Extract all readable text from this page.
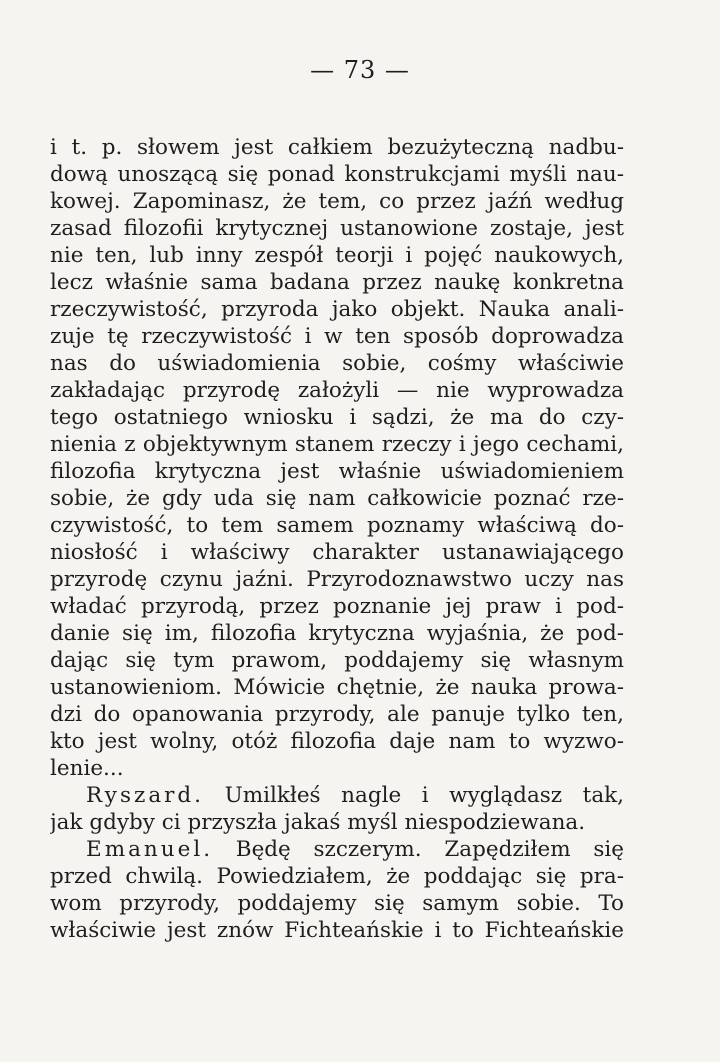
— 73 —
i t. p. słowem jest całkiem bezużyteczną nadbu-
dową unoszącą się ponad konstrukcjami myśli nau-
kowej. Zapominasz, że tem, co przez jaźń według
zasad filozofii krytycznej ustanowione zostaje, jest
nie ten, lub inny zespół teorji i pojęć naukowych,
lecz właśnie sama badana przez naukę konkretna
rzeczywistość, przyroda jako objekt. Nauka anali-
zuje tę rzeczywistość i w ten sposób doprowadza
nas do uświadomienia sobie, cośmy właściwie
zakładając przyrodę założyli — nie wyprowadza
tego ostatniego wniosku i sądzi, że ma do czy-
nienia z objektywnym stanem rzeczy i jego cechami,
filozofia krytyczna jest właśnie uświadomieniem
sobie, że gdy uda się nam całkowicie poznać rze-
czywistość, to tem samem poznamy właściwą do-
niosłość i właściwy charakter ustanawiającego
przyrodę czynu jaźni. Przyrodoznawstwo uczy nas
władać przyrodą, przez poznanie jej praw i pod-
danie się im, filozofia krytyczna wyjaśnia, że pod-
dając się tym prawom, poddajemy się własnym
ustanowieniom. Mówicie chętnie, że nauka prowa-
dzi do opanowania przyrody, ale panuje tylko ten,
kto jest wolny, otóż filozofia daje nam to wyzwo-
lenie...
Ryszard. Umilkłeś nagle i wyglądasz tak,
jak gdyby ci przyszła jakaś myśl niespodziewana.
Emanuel. Będę szczerym. Zapędziłem się
przed chwilą. Powiedziałem, że poddając się pra-
wom przyrody, poddajemy się samym sobie. To
właściwie jest znów Fichteańskie i to Fichteańskie
